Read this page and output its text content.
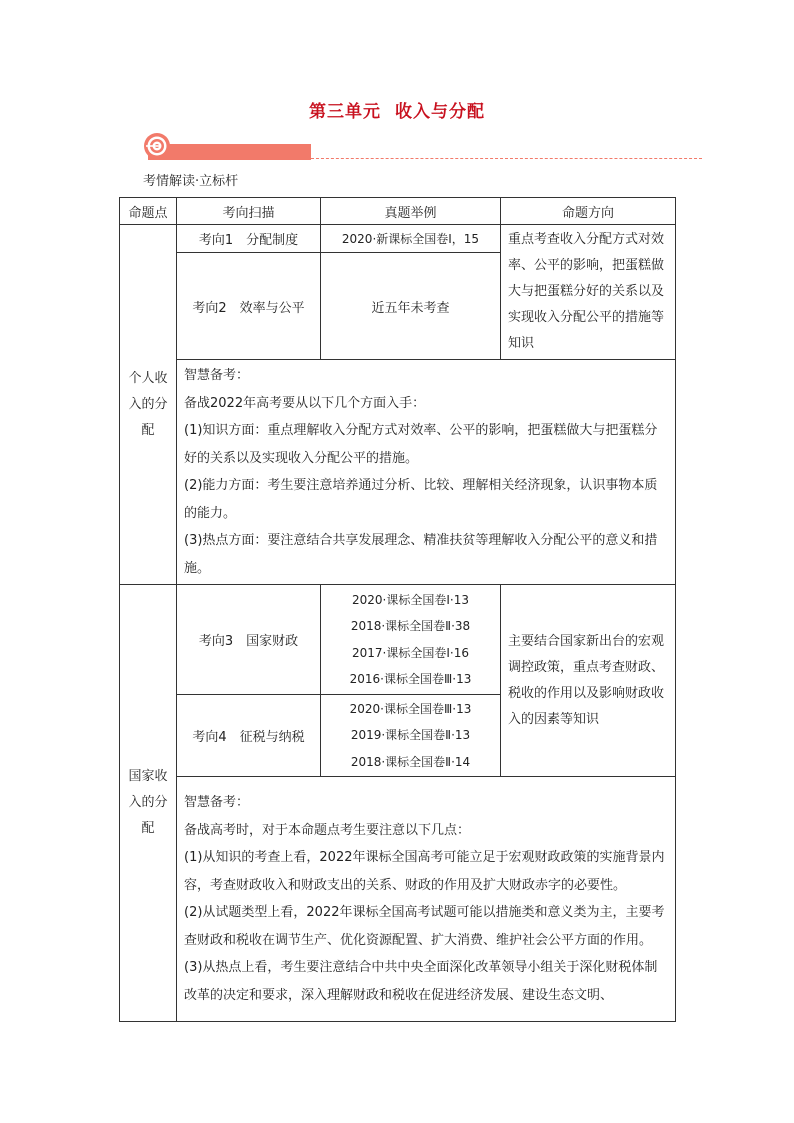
第三单元 收入与分配
考情解读·立标杆
命题点	考向扫描	真题举例	命题方向
个人收入的分配	考向1　分配制度	2020·新课标全国卷Ⅰ，15	重点考查收入分配方式对效率、公平的影响，把蛋糕做大与把蛋糕分好的关系以及实现收入分配公平的措施等知识
	考向2　效率与公平	近五年未考查	

	智慧备考：
备战2022年高考要从以下几个方面入手：
(1)知识方面：重点理解收入分配方式对效率、公平的影响，把蛋糕做大与把蛋糕分好的关系以及实现收入分配公平的措施。
(2)能力方面：考生要注意培养通过分析、比较、理解相关经济现象，认识事物本质的能力。
(3)热点方面：要注意结合共享发展理念、精准扶贫等理解收入分配公平的意义和措施。		

国家收入的分配	考向3　国家财政	2020·课标全国卷Ⅰ·13
2018·课标全国卷Ⅱ·38
2017·课标全国卷Ⅰ·16
2016·课标全国卷Ⅲ·13	主要结合国家新出台的宏观调控政策，重点考查财政、税收的作用以及影响财政收入的因素等知识
	考向4　征税与纳税	2020·课标全国卷Ⅲ·13
2019·课标全国卷Ⅱ·13
2018·课标全国卷Ⅱ·14	

	智慧备考：
备战高考时，对于本命题点考生要注意以下几点：
(1)从知识的考查上看，2022年课标全国高考可能立足于宏观财政政策的实施背景内容，考查财政收入和财政支出的关系、财政的作用及扩大财政赤字的必要性。
(2)从试题类型上看，2022年课标全国高考试题可能以措施类和意义类为主，主要考查财政和税收在调节生产、优化资源配置、扩大消费、维护社会公平方面的作用。
(3)从热点上看，考生要注意结合中共中央全面深化改革领导小组关于深化财税体制改革的决定和要求，深入理解财政和税收在促进经济发展、建设生态文明、		
